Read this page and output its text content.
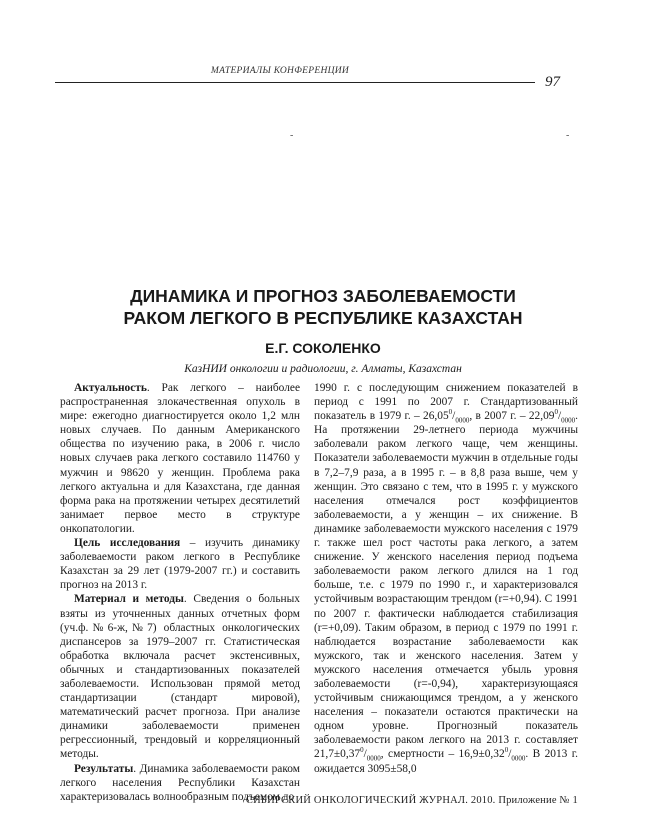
МАТЕРИАЛЫ КОНФЕРЕНЦИИ
97
-	-
ДИНАМИКА И ПРОГНОЗ ЗАБОЛЕВАЕМОСТИ
РАКОМ ЛЕГКОГО В РЕСПУБЛИКЕ КАЗАХСТАН
Е.Г. СОКОЛЕНКО
КазНИИ онкологии и радиологии, г. Алматы, Казахстан

Актуальность. Рак легкого – наиболее распространенная злокачественная опухоль в мире: ежегодно диагностируется около 1,2 млн новых случаев. По данным Американского общества по изучению рака, в 2006 г. число новых случаев рака легкого составило 114760 у мужчин и 98620 у женщин. Проблема рака легкого актуальна и для Казахстана, где данная форма рака на протяжении четырех десятилетий занимает первое место в структуре онкопатологии.

Цель исследования – изучить динамику заболеваемости раком легкого в Республике Казахстан за 29 лет (1979-2007 гг.) и составить прогноз на 2013 г.

Материал и методы. Сведения о больных взяты из уточненных данных отчетных форм (уч.ф.№6-ж,№7) областных онкологических диспансеров за 1979–2007 гг. Статистическая обработка включала расчет экстенсивных, обычных и стандартизованных показателей заболеваемости. Использован прямой метод стандартизации (стандарт мировой), математический расчет прогноза. При анализе динамики заболеваемости применен регрессионный, трендовый и корреляционный методы.

Результаты. Динамика заболеваемости раком легкого населения Республики Казахстан характеризовалась волнообразным подъемом до

1990 г. с последующим снижением показателей в период с 1991 по 2007 г. Стандартизованный показатель в 1979 г. – $26,05^0/_{0000}$, в 2007 г. – $22,09^0/_{0000}$. На протяжении 29-летнего периода мужчины заболевали раком легкого чаще, чем женщины. Показатели заболеваемости мужчин в отдельные годы в 7,2–7,9 раза, а в 1995 г. – в 8,8 раза выше, чем у женщин. Это связано с тем, что в 1995 г. у мужского населения отмечался рост коэффициентов заболеваемости, а у женщин – их снижение. В динамике заболеваемости мужского населения с 1979 г. также шел рост частоты рака легкого, а затем снижение. У женского населения период подъема заболеваемости раком легкого длился на 1 год больше, т.е. с 1979 по 1990 г., и характеризовался устойчивым возрастающим трендом (r=+0,94). С 1991 по 2007 г. фактически наблюдается стабилизация (r=+0,09). Таким образом, в период с 1979 по 1991 г. наблюдается возрастание заболеваемости как мужского, так и женского населения. Затем у мужского населения отмечается убыль уровня заболеваемости (r=-0,94), характеризующаяся устойчивым снижающимся трендом, а у женского населения – показатели остаются практически на одном уровне. Прогнозный показатель заболеваемости раком легкого на 2013 г. составляет $21,7\pm 0,37^0/_{0000}$, смертности – $16,9\pm 0,32^0/_{0000}$. В 2013 г. ожидается 3095±58,0

СИБИРСКИЙ ОНКОЛОГИЧЕСКИЙ ЖУРНАЛ. 2010. Приложение № 1
